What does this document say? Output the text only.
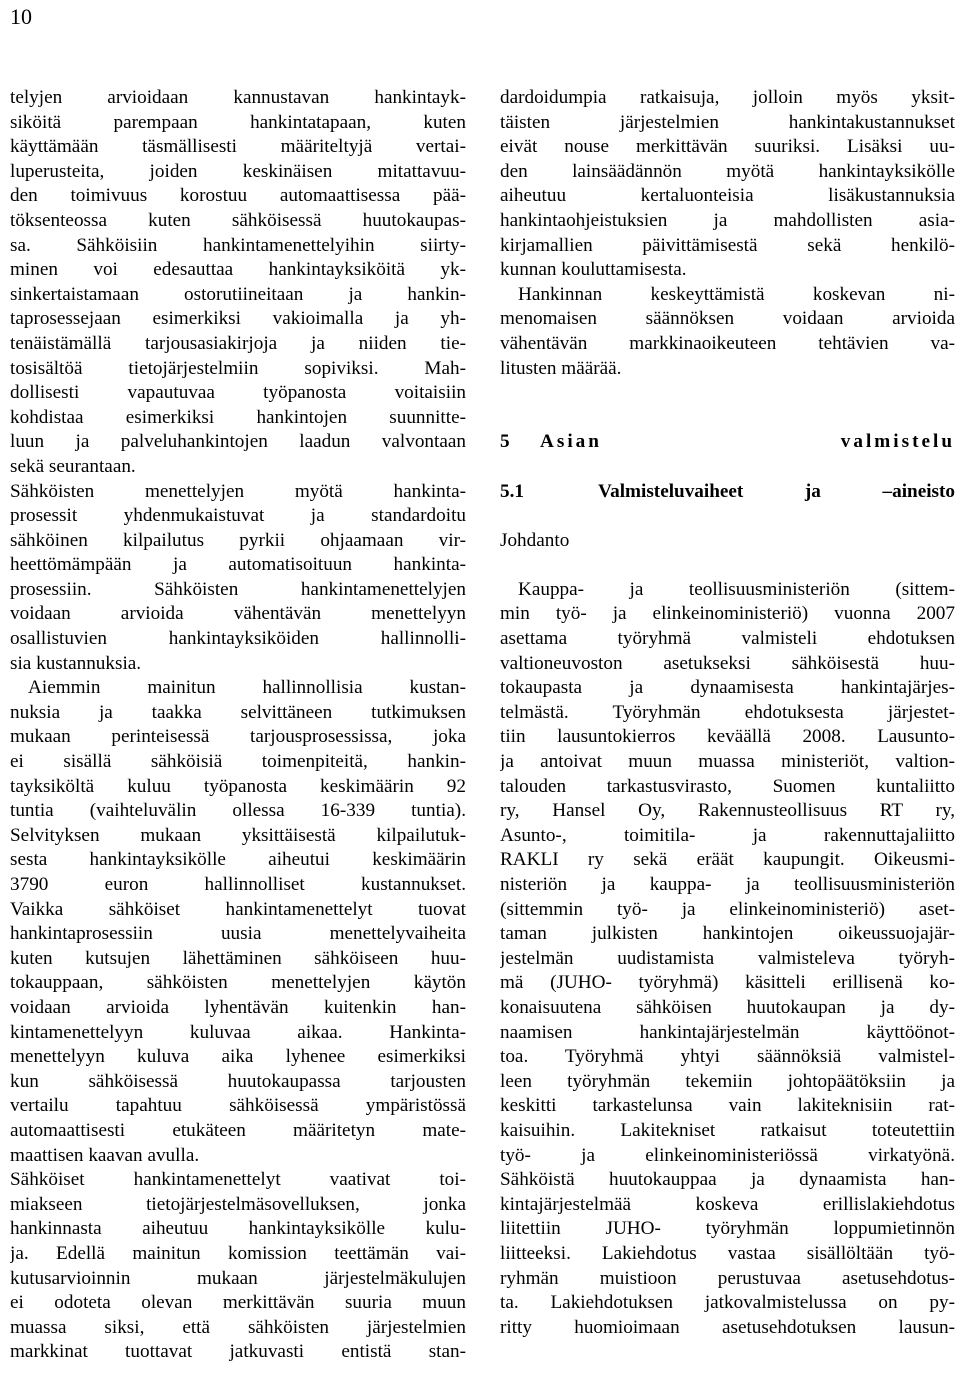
10

telyjen arvioidaan kannustavan hankintayk-

siköitä parempaan hankintatapaan, kuten

käyttämään täsmällisesti määriteltyjä vertai-

luperusteita, joiden keskinäisen mitattavuu-

den toimivuus korostuu automaattisessa pää-

töksenteossa kuten sähköisessä huutokaupas-

sa. Sähköisiin hankintamenettelyihin siirty-

minen voi edesauttaa hankintayksiköitä yk-

sinkertaistamaan ostorutiineitaan ja hankin-

taprosessejaan esimerkiksi vakioimalla ja yh-

tenäistämällä tarjousasiakirjoja ja niiden tie-

tosisältöä tietojärjestelmiin sopiviksi. Mah-

dollisesti vapautuvaa työpanosta voitaisiin

kohdistaa esimerkiksi hankintojen suunnitte-

luun ja palveluhankintojen laadun valvontaan

sekä seurantaan.

Sähköisten menettelyjen myötä hankinta-

prosessit yhdenmukaistuvat ja standardoitu

sähköinen kilpailutus pyrkii ohjaamaan vir-

heettömämpään ja automatisoituun hankinta-

prosessiin. Sähköisten hankintamenettelyjen

voidaan arvioida vähentävän menettelyyn

osallistuvien hankintayksiköiden hallinnolli-

sia kustannuksia.

Aiemmin mainitun hallinnollisia kustan-

nuksia ja taakka selvittäneen tutkimuksen

mukaan perinteisessä tarjousprosessissa, joka

ei sisällä sähköisiä toimenpiteitä, hankin-

tayksiköltä kuluu työpanosta keskimäärin 92

tuntia (vaihteluvälin ollessa 16-339 tuntia).

Selvityksen mukaan yksittäisestä kilpailutuk-

sesta hankintayksikölle aiheutui keskimäärin

3790 euron hallinnolliset kustannukset.

Vaikka sähköiset hankintamenettelyt tuovat

hankintaprosessiin uusia menettelyvaiheita

kuten kutsujen lähettäminen sähköiseen huu-

tokauppaan, sähköisten menettelyjen käytön

voidaan arvioida lyhentävän kuitenkin han-

kintamenettelyyn kuluvaa aikaa. Hankinta-

menettelyyn kuluva aika lyhenee esimerkiksi

kun sähköisessä huutokaupassa tarjousten

vertailu tapahtuu sähköisessä ympäristössä

automaattisesti etukäteen määritetyn mate-

maattisen kaavan avulla.

Sähköiset hankintamenettelyt vaativat toi-

miakseen tietojärjestelmäsovelluksen, jonka

hankinnasta aiheutuu hankintayksikölle kulu-

ja. Edellä mainitun komission teettämän vai-

kutusarvioinnin mukaan järjestelmäkulujen

ei odoteta olevan merkittävän suuria muun

muassa siksi, että sähköisten järjestelmien

markkinat tuottavat jatkuvasti entistä stan-

dardoidumpia ratkaisuja, jolloin myös yksit-

täisten järjestelmien hankintakustannukset

eivät nouse merkittävän suuriksi. Lisäksi uu-

den lainsäädännön myötä hankintayksikölle

aiheutuu kertaluonteisia lisäkustannuksia

hankintaohjeistuksien ja mahdollisten asia-

kirjamallien päivittämisestä sekä henkilö-

kunnan kouluttamisesta.

Hankinnan keskeyttämistä koskevan ni-

menomaisen säännöksen voidaan arvioida

vähentävän markkinaoikeuteen tehtävien va-

litusten määrää.

5 Asian valmistelu

5.1	Valmisteluvaiheet ja –aineisto

Johdanto

Kauppa- ja teollisuusministeriön (sittem-

min työ- ja elinkeinoministeriö) vuonna 2007

asettama työryhmä valmisteli ehdotuksen

valtioneuvoston asetukseksi sähköisestä huu-

tokaupasta ja dynaamisesta hankintajärjes-

telmästä. Työryhmän ehdotuksesta järjestet-

tiin lausuntokierros keväällä 2008. Lausunto-

ja antoivat muun muassa ministeriöt, valtion-

talouden tarkastusvirasto, Suomen kuntaliitto

ry, Hansel Oy, Rakennusteollisuus RT ry,

Asunto-, toimitila- ja rakennuttajaliitto

RAKLI ry sekä eräät kaupungit. Oikeusmi-

nisteriön ja kauppa- ja teollisuusministeriön

(sittemmin työ- ja elinkeinoministeriö) aset-

taman julkisten hankintojen oikeussuojajär-

jestelmän uudistamista valmisteleva työryh-

mä (JUHO- työryhmä) käsitteli erillisenä ko-

konaisuutena sähköisen huutokaupan ja dy-

naamisen hankintajärjestelmän käyttöönot-

toa. Työryhmä yhtyi säännöksiä valmistel-

leen työryhmän tekemiin johtopäätöksiin ja

keskitti tarkastelunsa vain lakiteknisiin rat-

kaisuihin. Lakitekniset ratkaisut toteutettiin

työ- ja elinkeinoministeriössä virkatyönä.

Sähköistä huutokauppaa ja dynaamista han-

kintajärjestelmää koskeva erillislakiehdotus

liitettiin JUHO- työryhmän loppumietinnön

liitteeksi. Lakiehdotus vastaa sisällöltään työ-

ryhmän muistioon perustuvaa asetusehdotus-

ta. Lakiehdotuksen jatkovalmistelussa on py-

ritty huomioimaan asetusehdotuksen lausun-
